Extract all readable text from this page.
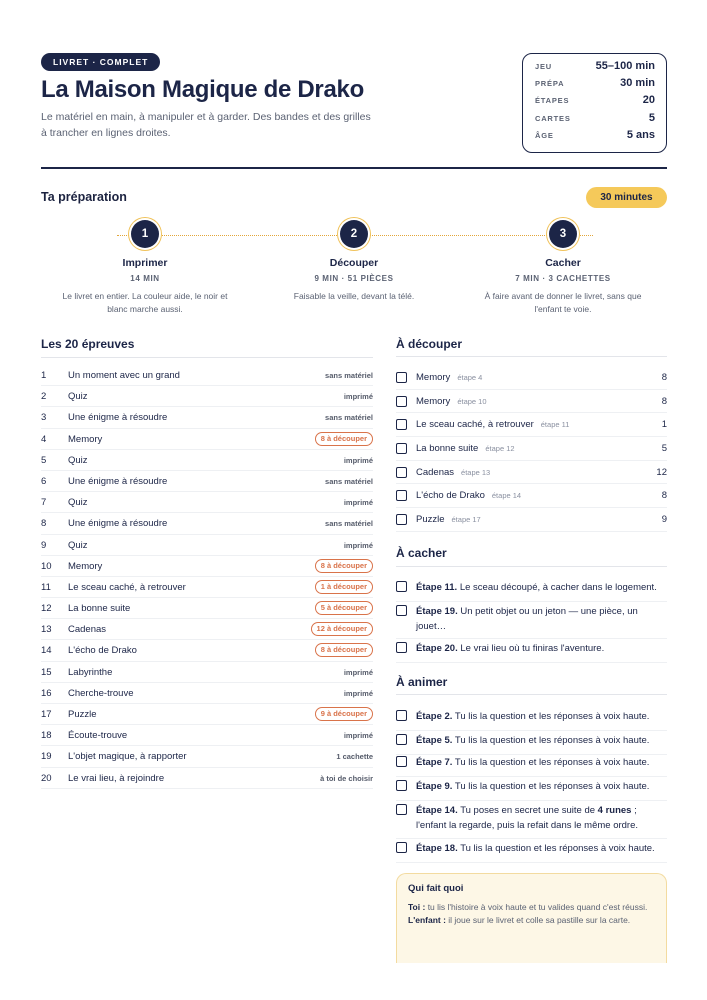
LIVRET · COMPLET
La Maison Magique de Drako
Le matériel en main, à manipuler et à garder. Des bandes et des grilles à trancher en lignes droites.
JEU	55–100 min
PRÉPA	30 min
ÉTAPES	20
CARTES	5
ÂGE	5 ans
Ta préparation	30 minutes
1
Imprimer
14 MIN
Le livret en entier. La couleur aide, le noir et blanc marche aussi.
2
Découper
9 MIN · 51 PIÈCES
Faisable la veille, devant la télé.
3
Cacher
7 MIN · 3 CACHETTES
À faire avant de donner le livret, sans que l'enfant te voie.
Les 20 épreuves
1 Un moment avec un grand	sans matériel
2 Quiz	imprimé
3 Une énigme à résoudre	sans matériel
4 Memory	8 à découper
5 Quiz	imprimé
6 Une énigme à résoudre	sans matériel
7 Quiz	imprimé
8 Une énigme à résoudre	sans matériel
9 Quiz	imprimé
10 Memory	8 à découper
11 Le sceau caché, à retrouver	1 à découper
12 La bonne suite	5 à découper
13 Cadenas	12 à découper
14 L'écho de Drako	8 à découper
15 Labyrinthe	imprimé
16 Cherche-trouve	imprimé
17 Puzzle	9 à découper
18 Écoute-trouve	imprimé
19 L'objet magique, à rapporter	1 cachette
20 Le vrai lieu, à rejoindre	à toi de choisir
À découper
Memory étape 4	8
Memory étape 10	8
Le sceau caché, à retrouver étape 11	1
La bonne suite étape 12	5
Cadenas étape 13	12
L'écho de Drako étape 14	8
Puzzle étape 17	9
À cacher
Étape 11. Le sceau découpé, à cacher dans le logement.
Étape 19. Un petit objet ou un jeton — une pièce, un jouet…
Étape 20. Le vrai lieu où tu finiras l'aventure.
À animer
Étape 2. Tu lis la question et les réponses à voix haute.
Étape 5. Tu lis la question et les réponses à voix haute.
Étape 7. Tu lis la question et les réponses à voix haute.
Étape 9. Tu lis la question et les réponses à voix haute.
Étape 14. Tu poses en secret une suite de 4 runes ; l'enfant la regarde, puis la refait dans le même ordre.
Étape 18. Tu lis la question et les réponses à voix haute.
Qui fait quoi
Toi : tu lis l'histoire à voix haute et tu valides quand c'est réussi.
L'enfant : il joue sur le livret et colle sa pastille sur la carte.
